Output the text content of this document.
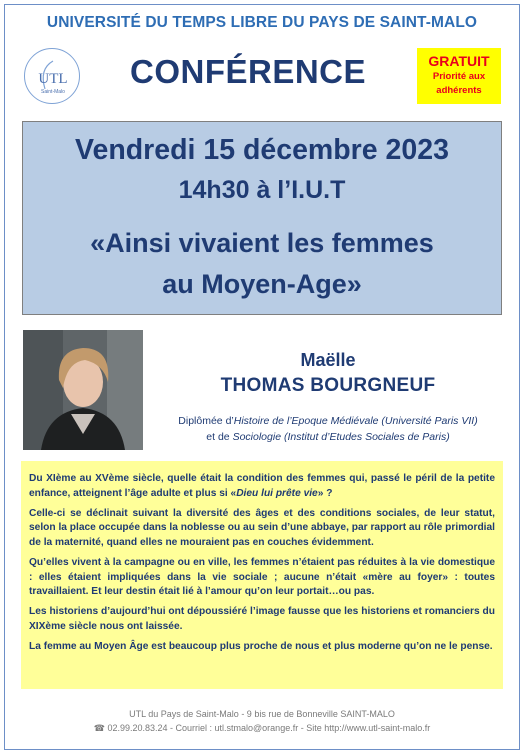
UNIVERSITÉ DU TEMPS LIBRE DU PAYS DE SAINT-MALO
UTL
Saint-Malo
CONFÉRENCE	GRATUIT
Priorité aux
adhérents
Vendredi 15 décembre 2023
14h30 à l’I.U.T
«Ainsi vivaient les femmes
au Moyen-Age»
Maëlle
THOMAS BOURGNEUF
Diplômée d’Histoire de l’Epoque Médiévale (Université Paris VII)
et de Sociologie (Institut d’Etudes Sociales de Paris)

Du XIème au XVème siècle, quelle était la condition des femmes qui, passé le péril de la petite enfance, atteignent l’âge adulte et plus si «Dieu lui prête vie» ?

Celle-ci se déclinait suivant la diversité des âges et des conditions sociales, de leur statut, selon la place occupée dans la noblesse ou au sein d’une abbaye, par rapport au rôle primordial de la maternité, quand elles ne mouraient pas en couches évidemment.

Qu’elles vivent à la campagne ou en ville, les femmes n’étaient pas réduites à la vie domestique : elles étaient impliquées dans la vie sociale ; aucune n’était «mère au foyer» : toutes travaillaient. Et leur destin était lié à l’amour qu’on leur portait…ou pas.

Les historiens d’aujourd’hui ont dépoussiéré l’image fausse que les historiens et romanciers du XIXème siècle nous ont laissée.

La femme au Moyen Âge est beaucoup plus proche de nous et plus moderne qu’on ne le pense.

UTL du Pays de Saint-Malo - 9 bis rue de Bonneville SAINT-MALO
☎ 02.99.20.83.24 - Courriel : utl.stmalo@orange.fr - Site http://www.utl-saint-malo.fr
